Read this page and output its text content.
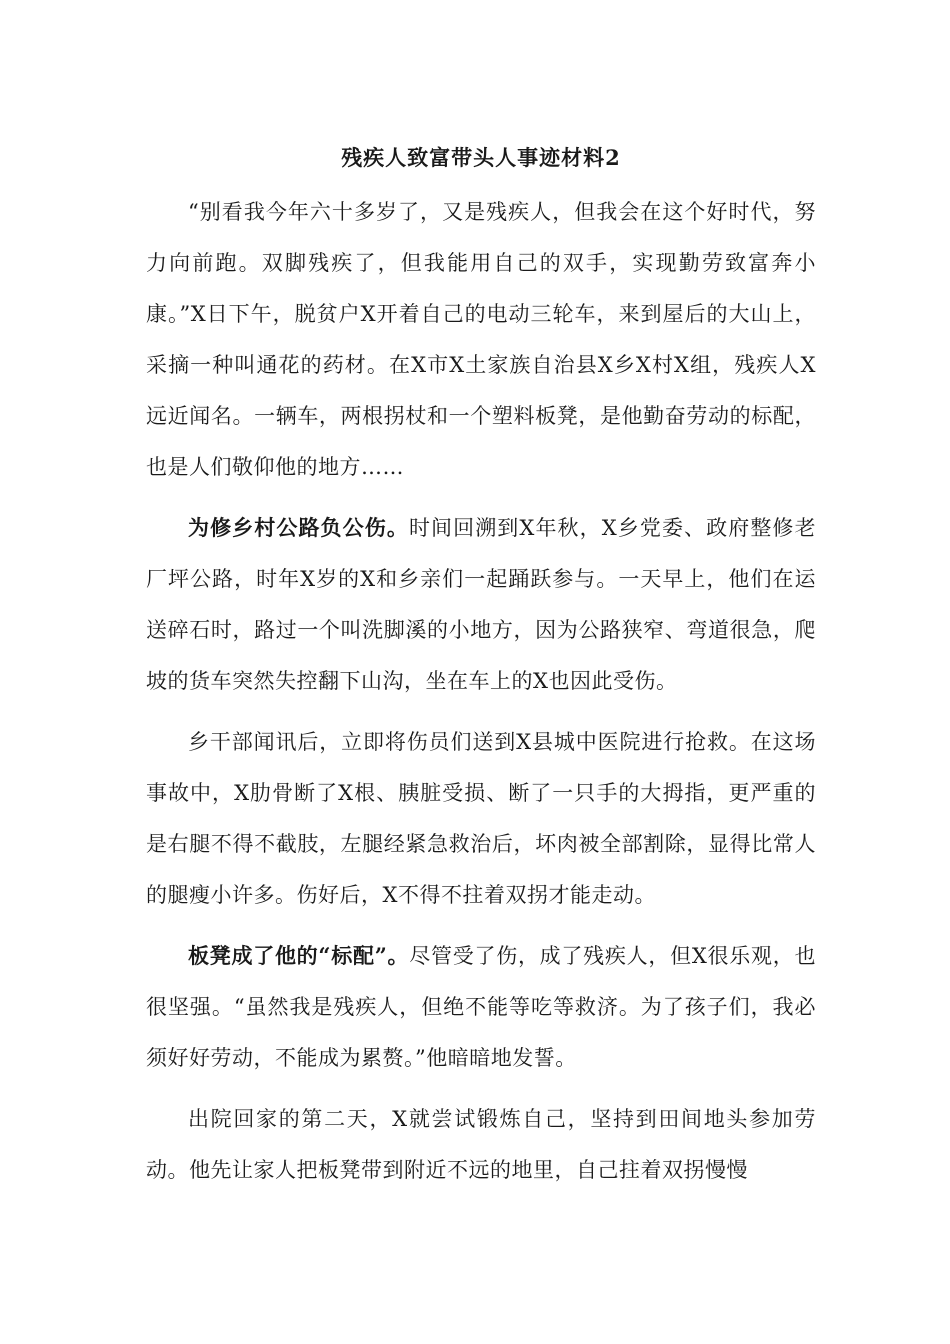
残疾人致富带头人事迹材料2

“别看我今年六十多岁了，又是残疾人，但我会在这个好时代，努力向前跑。双脚残疾了，但我能用自己的双手，实现勤劳致富奔小康。”X日下午，脱贫户X开着自己的电动三轮车，来到屋后的大山上，采摘一种叫通花的药材。在X市X土家族自治县X乡X村X组，残疾人X远近闻名。一辆车，两根拐杖和一个塑料板凳，是他勤奋劳动的标配，也是人们敬仰他的地方……

为修乡村公路负公伤。时间回溯到X年秋，X乡党委、政府整修老厂坪公路，时年X岁的X和乡亲们一起踊跃参与。一天早上，他们在运送碎石时，路过一个叫洗脚溪的小地方，因为公路狭窄、弯道很急，爬坡的货车突然失控翻下山沟，坐在车上的X也因此受伤。

乡干部闻讯后，立即将伤员们送到X县城中医院进行抢救。在这场事故中，X肋骨断了X根、胰脏受损、断了一只手的大拇指，更严重的是右腿不得不截肢，左腿经紧急救治后，坏肉被全部割除，显得比常人的腿瘦小许多。伤好后，X不得不拄着双拐才能走动。

板凳成了他的“标配”。尽管受了伤，成了残疾人，但X很乐观，也很坚强。“虽然我是残疾人，但绝不能等吃等救济。为了孩子们，我必须好好劳动，不能成为累赘。”他暗暗地发誓。

出院回家的第二天，X就尝试锻炼自己，坚持到田间地头参加劳动。他先让家人把板凳带到附近不远的地里，自己拄着双拐慢慢
